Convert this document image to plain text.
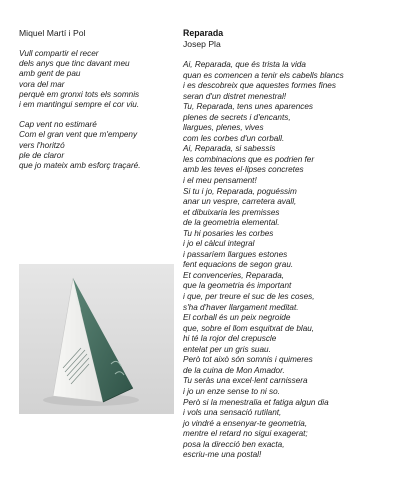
Miquel Martí i Pol
Vull compartir el recer
dels anys que tinc davant meu
amb gent de pau
vora del mar
perquè em gronxi tots els somnis
i em mantingui sempre el cor viu.
Cap vent no estimaré
Com el gran vent que m'empeny
vers l'horitzó
ple de claror
que jo mateix amb esforç traçaré.
Reparada
Josep Pla
Ai, Reparada, que és trista la vida
quan es comencen a tenir els cabells blancs
i es descobreix que aquestes formes fines
seran d'un distret menestral!
Tu, Reparada, tens unes aparences
plenes de secrets i d'encants,
llargues, plenes, vives
com les corbes d'un corball.
Ai, Reparada, si sabessis
les combinacions que es podrien fer
amb les teves el·lipses concretes
i el meu pensament!
Si tu i jo, Reparada, poguéssim
anar un vespre, carretera avall,
et dibuixaria les premisses
de la geometria elemental.
Tu hi posaries les corbes
i jo el càlcul integral
i passaríem llargues estones
fent equacions de segon grau.
Et convenceries, Reparada,
que la geometria és important
i que, per treure el suc de les coses,
s'ha d'haver llargament meditat.
El corball és un peix negroide
que, sobre el llom esquitxat de blau,
hi té la rojor del crepuscle
entelat per un gris suau.
Però tot això són somnis i quimeres
de la cuina de Mon Amador.
Tu seràs una excel·lent carnissera
i jo un enze sense to ni so.
Però si la menestralia et fatiga algun dia
i vols una sensació rutilant,
jo vindré a ensenyar-te geometria,
mentre el retard no sigui exagerat;
posa la direcció ben exacta,
escriu-me una postal!
